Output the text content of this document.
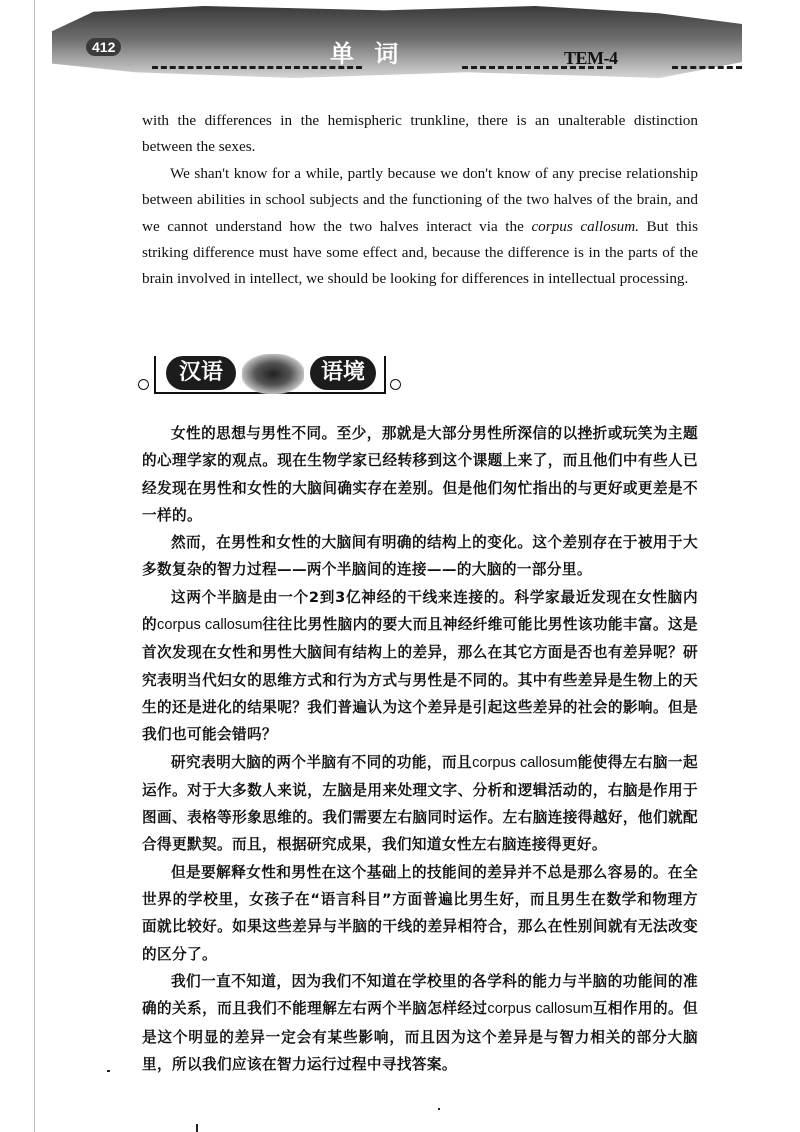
412	单 词	TEM-4

with the differences in the hemispheric trunkline, there is an unalterable distinction between the sexes.

We shan't know for a while, partly because we don't know of any precise relationship between abilities in school subjects and the functioning of the two halves of the brain, and we cannot understand how the two halves interact via the corpus callosum. But this striking difference must have some effect and, because the difference is in the parts of the brain involved in intellect, we should be looking for differences in intellectual processing.

汉语	语境

女性的思想与男性不同。至少，那就是大部分男性所深信的以挫折或玩笑为主题的心理学家的观点。现在生物学家已经转移到这个课题上来了，而且他们中有些人已经发现在男性和女性的大脑间确实存在差别。但是他们匆忙指出的与更好或更差是不一样的。

然而，在男性和女性的大脑间有明确的结构上的变化。这个差别存在于被用于大多数复杂的智力过程——两个半脑间的连接——的大脑的一部分里。

这两个半脑是由一个2到3亿神经的干线来连接的。科学家最近发现在女性脑内的corpus callosum往往比男性脑内的要大而且神经纤维可能比男性该功能丰富。这是首次发现在女性和男性大脑间有结构上的差异，那么在其它方面是否也有差异呢？研究表明当代妇女的思维方式和行为方式与男性是不同的。其中有些差异是生物上的天生的还是进化的结果呢？我们普遍认为这个差异是引起这些差异的社会的影响。但是我们也可能会错吗？

研究表明大脑的两个半脑有不同的功能，而且corpus callosum能使得左右脑一起运作。对于大多数人来说，左脑是用来处理文字、分析和逻辑活动的，右脑是作用于图画、表格等形象思维的。我们需要左右脑同时运作。左右脑连接得越好，他们就配合得更默契。而且，根据研究成果，我们知道女性左右脑连接得更好。

但是要解释女性和男性在这个基础上的技能间的差异并不总是那么容易的。在全世界的学校里，女孩子在“语言科目”方面普遍比男生好，而且男生在数学和物理方面就比较好。如果这些差异与半脑的干线的差异相符合，那么在性别间就有无法改变的区分了。

我们一直不知道，因为我们不知道在学校里的各学科的能力与半脑的功能间的准确的关系，而且我们不能理解左右两个半脑怎样经过corpus callosum互相作用的。但是这个明显的差异一定会有某些影响，而且因为这个差异是与智力相关的部分大脑里，所以我们应该在智力运行过程中寻找答案。
